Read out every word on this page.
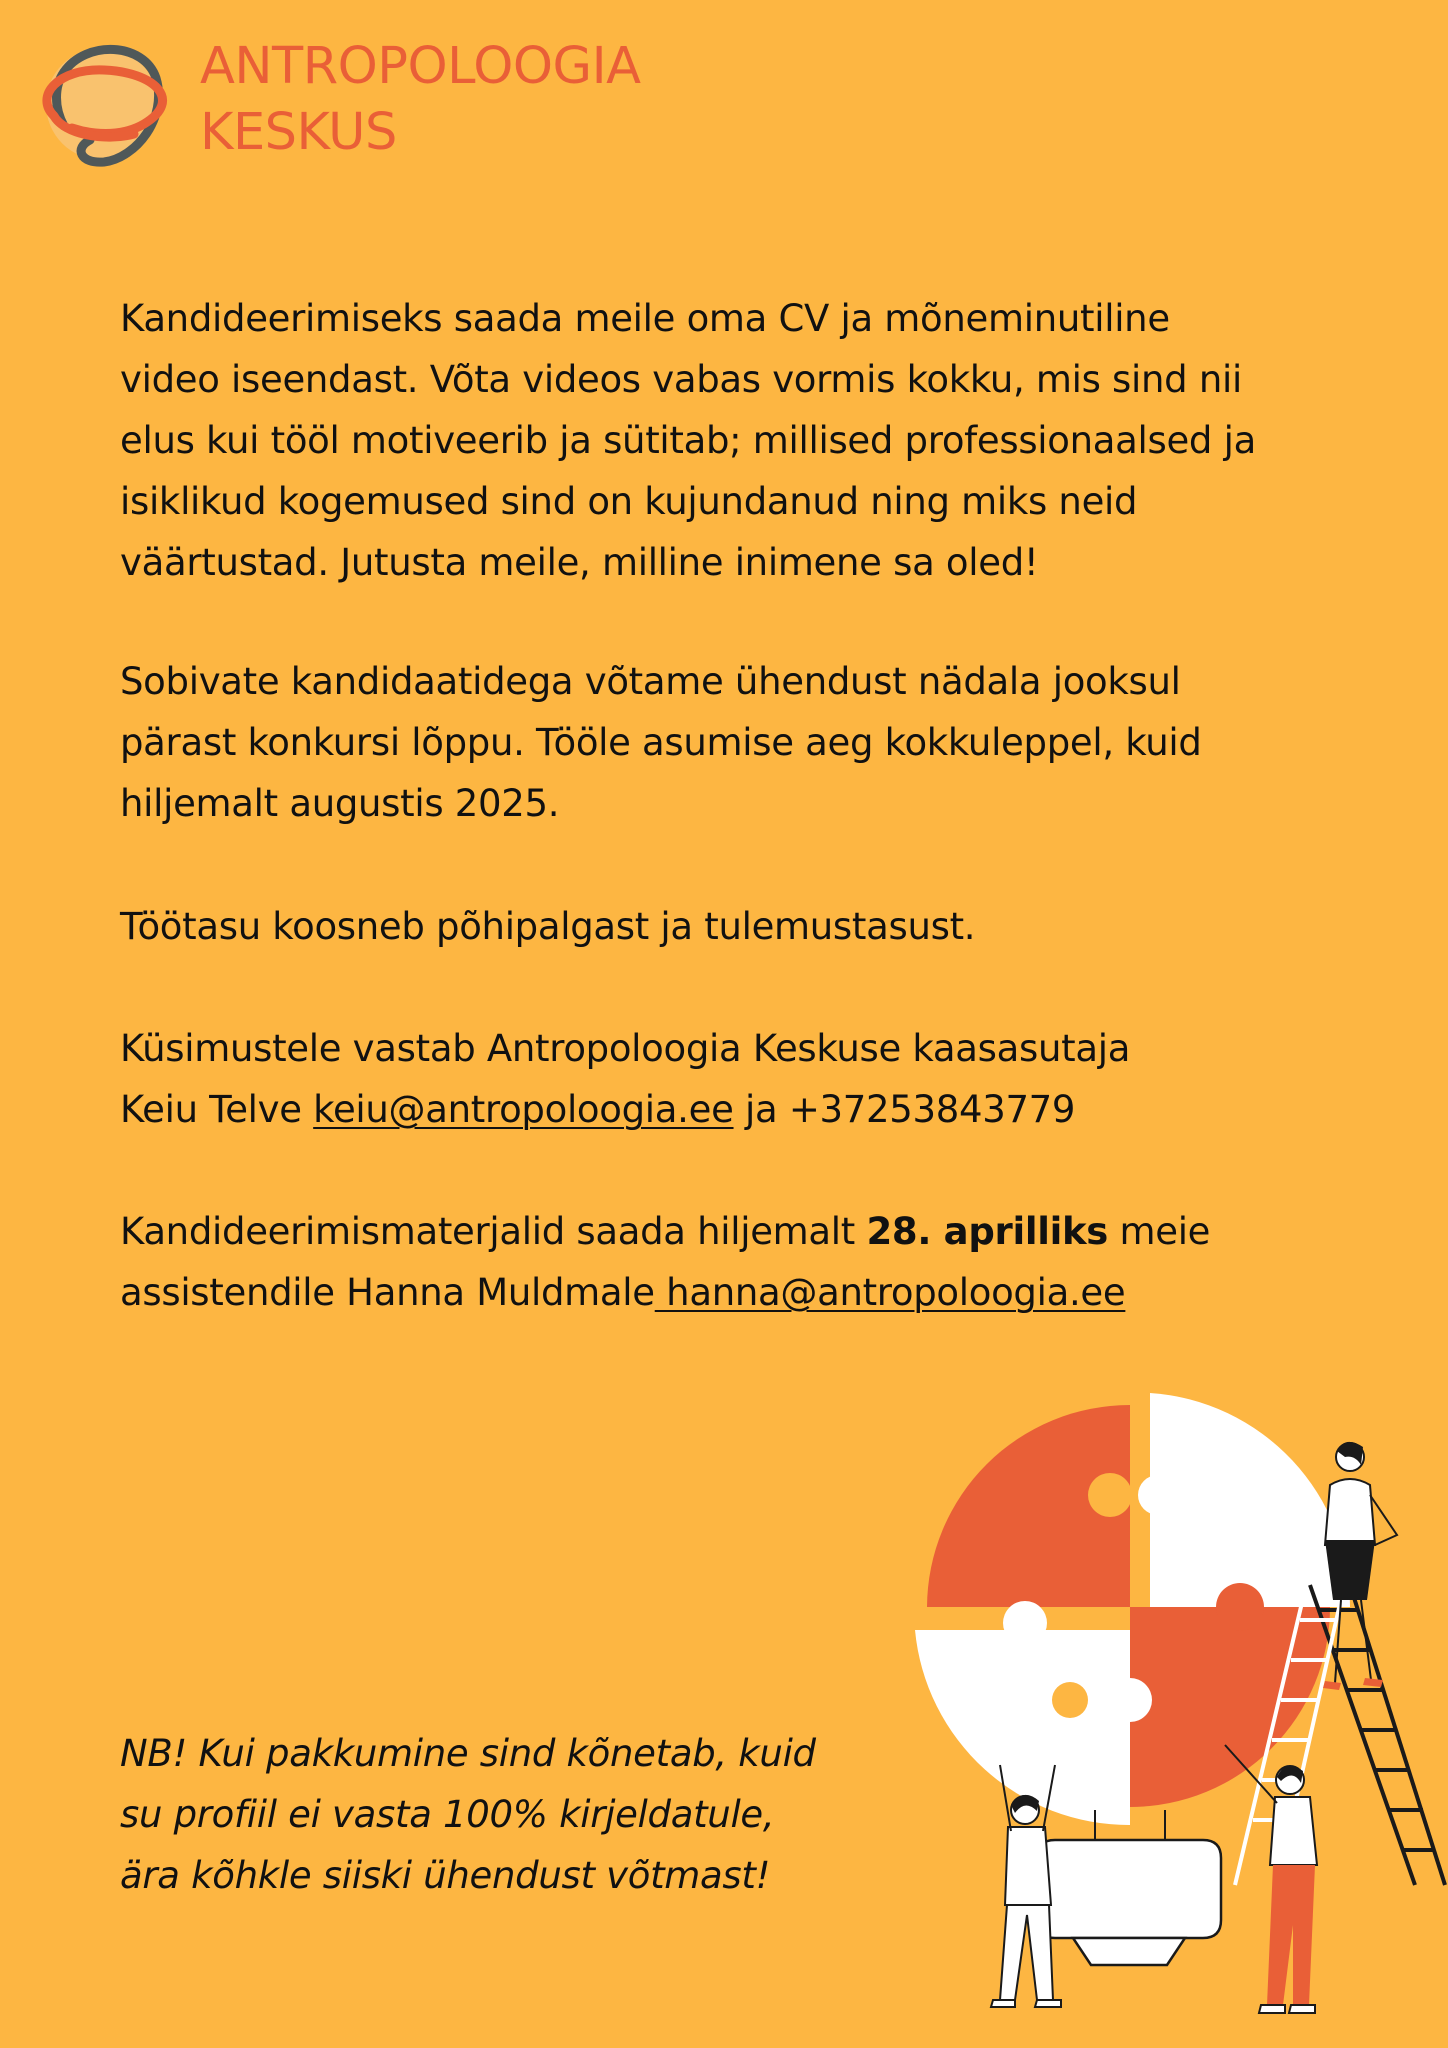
ANTROPOLOOGIA
KESKUS
Kandideerimiseks saada meile oma CV ja mõneminutiline
video iseendast. Võta videos vabas vormis kokku, mis sind nii
elus kui tööl motiveerib ja sütitab; millised professionaalsed ja
isiklikud kogemused sind on kujundanud ning miks neid
väärtustad. Jutusta meile, milline inimene sa oled!
Sobivate kandidaatidega võtame ühendust nädala jooksul
pärast konkursi lõppu. Tööle asumise aeg kokkuleppel, kuid
hiljemalt augustis 2025.
Töötasu koosneb põhipalgast ja tulemustasust.
Küsimustele vastab Antropoloogia Keskuse kaasasutaja
Keiu Telve keiu@antropoloogia.ee ja +37253843779
Kandideerimismaterjalid saada hiljemalt 28. aprilliks meie
assistendile Hanna Muldmale hanna@antropoloogia.ee
NB! Kui pakkumine sind kõnetab, kuid
su profiil ei vasta 100% kirjeldatule,
ära kõhkle siiski ühendust võtmast!
